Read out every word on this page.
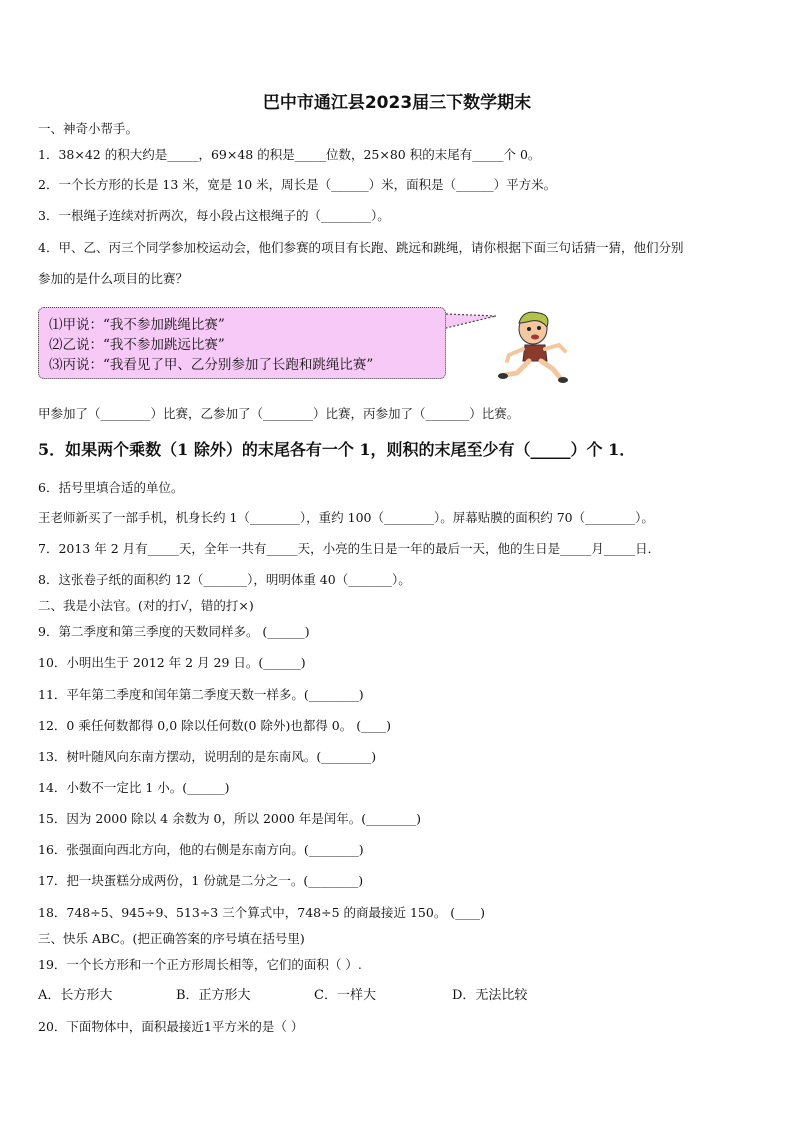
巴中市通江县2023届三下数学期末
一、神奇小帮手。
1．38×42 的积大约是_____，69×48 的积是_____位数，25×80 积的末尾有_____个 0。
2．一个长方形的长是 13 米，宽是 10 米，周长是（______）米，面积是（______）平方米。
3．一根绳子连续对折两次，每小段占这根绳子的（________）。
4．甲、乙、丙三个同学参加校运动会，他们参赛的项目有长跑、跳远和跳绳，请你根据下面三句话猜一猜，他们分别
参加的是什么项目的比赛？
⑴甲说：“我不参加跳绳比赛”
⑵乙说：“我不参加跳远比赛”
⑶丙说：“我看见了甲、乙分别参加了长跑和跳绳比赛”
甲参加了（________）比赛，乙参加了（________）比赛，丙参加了（_______）比赛。
5．如果两个乘数（1 除外）的末尾各有一个 1，则积的末尾至少有（_____）个 1．
6．括号里填合适的单位。
王老师新买了一部手机，机身长约 1（________），重约 100（________）。屏幕贴膜的面积约 70（________）。
7．2013 年 2 月有_____天，全年一共有_____天，小亮的生日是一年的最后一天，他的生日是_____月_____日．
8．这张卷子纸的面积约 12（_______），明明体重 40（_______）。
二、我是小法官。(对的打√，错的打×)
9．第二季度和第三季度的天数同样多。 (______)
10．小明出生于 2012 年 2 月 29 日。(______)
11．平年第二季度和闰年第二季度天数一样多。(________)
12．0 乘任何数都得 0,0 除以任何数(0 除外)也都得 0。 (____)
13．树叶随风向东南方摆动，说明刮的是东南风。(________)
14．小数不一定比 1 小。(______)
15．因为 2000 除以 4 余数为 0，所以 2000 年是闰年。(________)
16．张强面向西北方向，他的右侧是东南方向。(________)
17．把一块蛋糕分成两份，1 份就是二分之一。(________)
18．748÷5、945÷9、513÷3 三个算式中，748÷5 的商最接近 150。 (____)
三、快乐 ABC。(把正确答案的序号填在括号里)
19．一个长方形和一个正方形周长相等，它们的面积（ ）.
A．长方形大	B．正方形大	C．一样大	D．无法比较
20．下面物体中，面积最接近1平方米的是（ ）
